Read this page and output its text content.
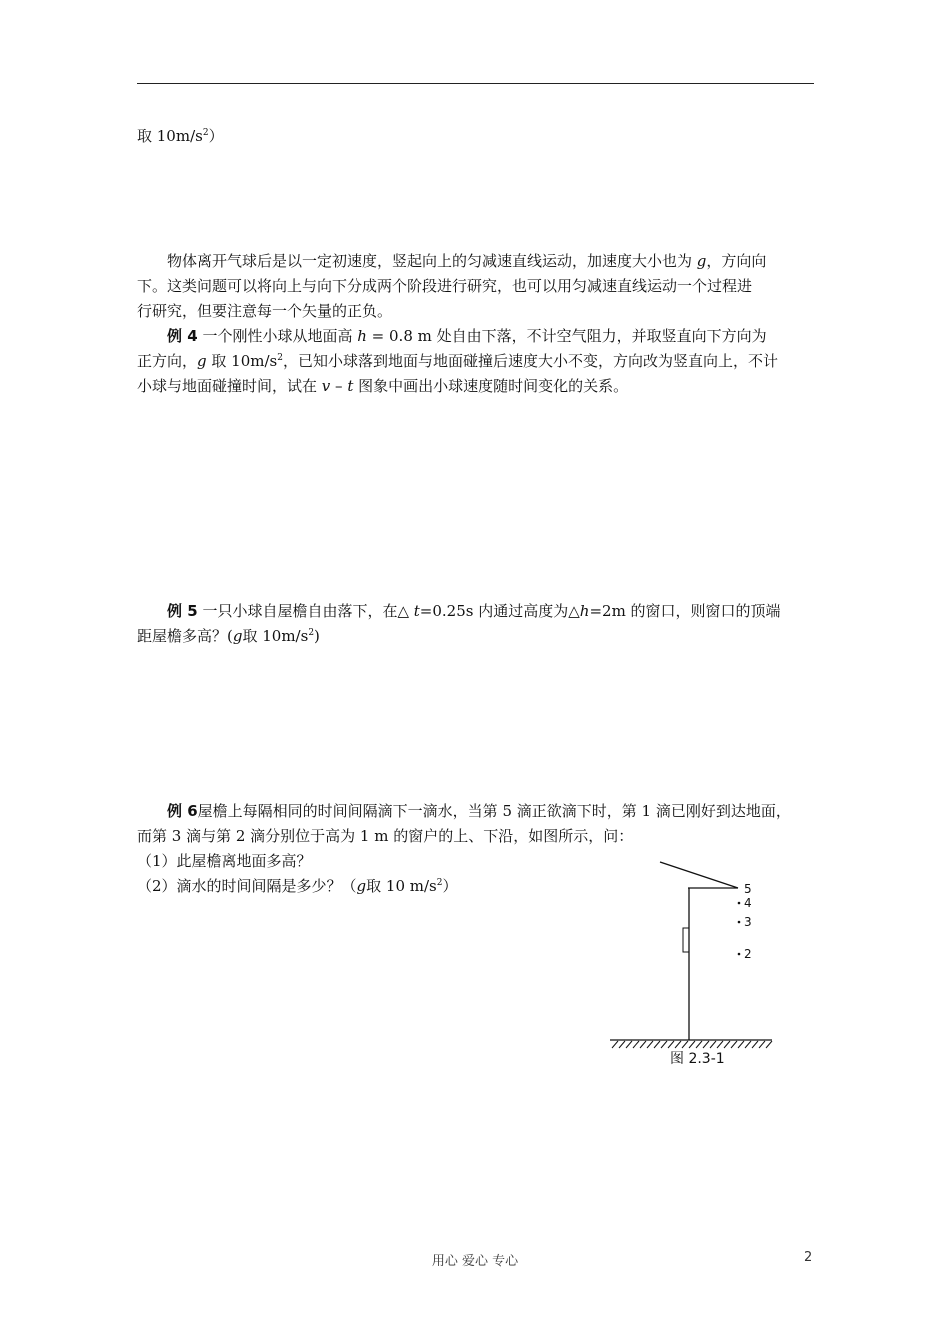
取 $10m/s^2$）
物体离开气球后是以一定初速度，竖起向上的匀减速直线运动，加速度大小也为 g，方向向
下。这类问题可以将向上与向下分成两个阶段进行研究，也可以用匀减速直线运动一个过程进
行研究，但要注意每一个矢量的正负。
例 4 一个刚性小球从地面高 h = 0.8 m 处自由下落，不计空气阻力，并取竖直向下方向为
正方向，g 取 $10m/s^2$，已知小球落到地面与地面碰撞后速度大小不变，方向改为竖直向上，不计
小球与地面碰撞时间，试在 v – t 图象中画出小球速度随时间变化的关系。
例 5 一只小球自屋檐自由落下，在△ t=0.25s 内通过高度为△h=2m 的窗口，则窗口的顶端
距屋檐多高？(g取 $10m/s^2$)
例 6屋檐上每隔相同的时间间隔滴下一滴水，当第 5 滴正欲滴下时，第 1 滴已刚好到达地面，
而第 3 滴与第 2 滴分别位于高为 1 m 的窗户的上、下沿，如图所示，问：
（1）此屋檐离地面多高？
（2）滴水的时间间隔是多少？（g取 10 $m/s^2$）	5
4
3
2
图 2.3-1
用心 爱心 专心	2
